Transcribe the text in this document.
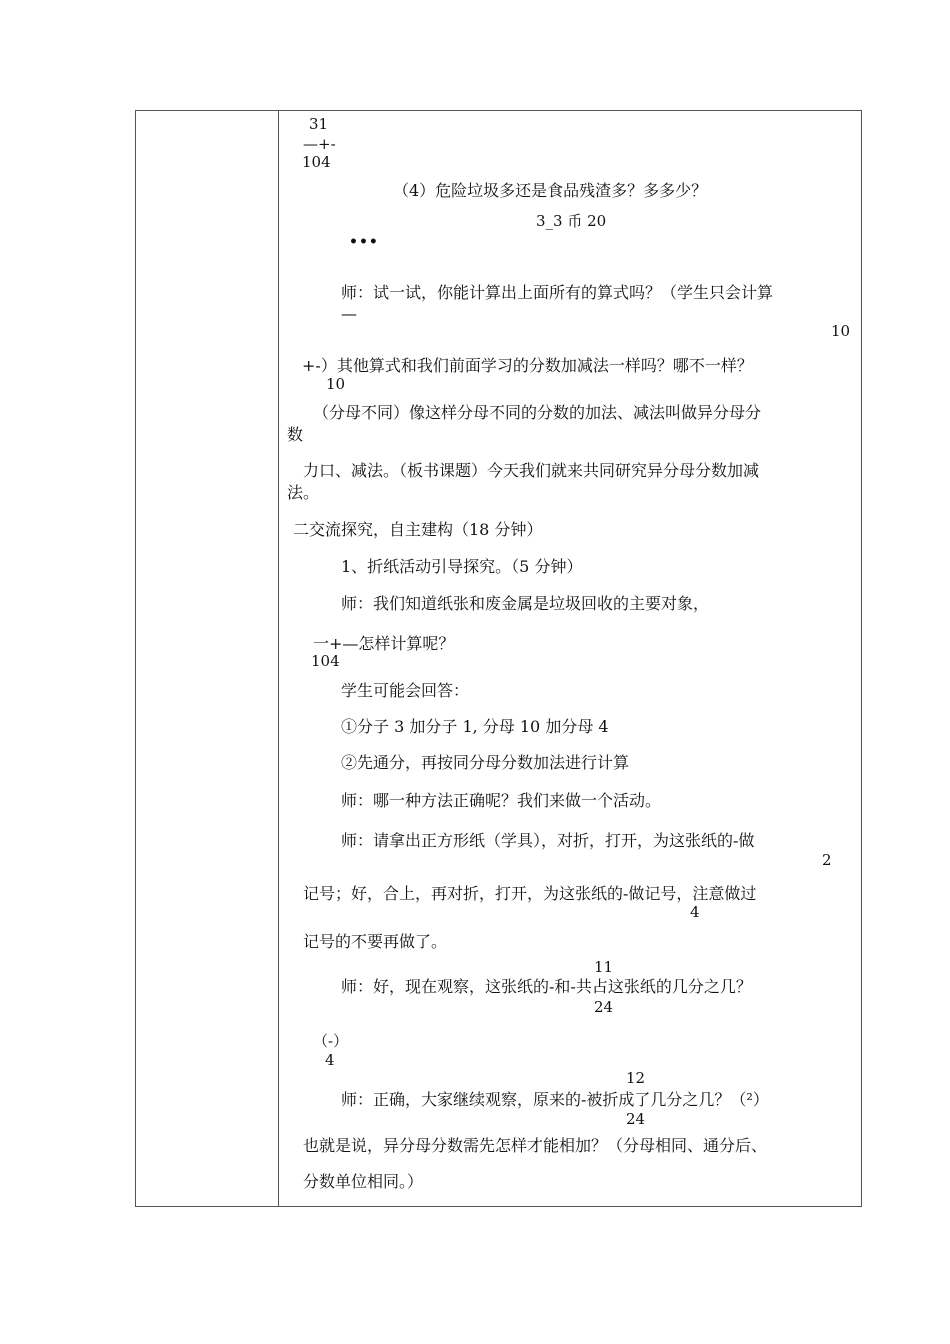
31
—+-
104
（4）危险垃圾多还是食品残渣多？多多少？
3_3 币 20
•••
师：试一试，你能计算出上面所有的算式吗？（学生只会计算
—
10
+-）其他算式和我们前面学习的分数加减法一样吗？哪不一样？
10
（分母不同）像这样分母不同的分数的加法、减法叫做异分母分
数
力口、减法。（板书课题）今天我们就来共同研究异分母分数加减
法。
二交流探究，自主建构（18 分钟）
1、折纸活动引导探究。（5 分钟）
师：我们知道纸张和废金属是垃圾回收的主要对象，
一+—怎样计算呢？
104
学生可能会回答：
①分子 3 加分子 1, 分母 10 加分母 4
②先通分，再按同分母分数加法进行计算
师：哪一种方法正确呢？我们来做一个活动。
师：请拿出正方形纸（学具），对折，打开，为这张纸的-做
2
记号；好，合上，再对折，打开，为这张纸的-做记号，注意做过
4
记号的不要再做了。
11
师：好，现在观察，这张纸的-和-共占这张纸的几分之几？
24
（-）
4
12
师：正确，大家继续观察，原来的-被折成了几分之几？（²）
24
也就是说，异分母分数需先怎样才能相加？（分母相同、通分后、
分数单位相同。）
